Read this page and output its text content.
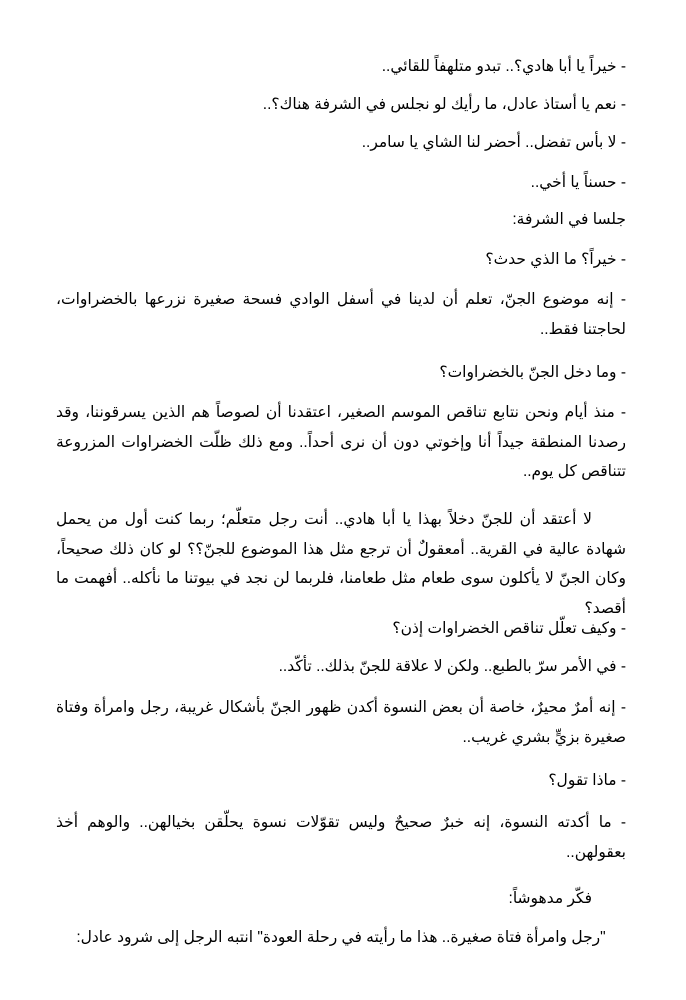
- خيراً يا أبا هادي؟.. تبدو متلهفاً للقائي..

- نعم يا أستاذ عادل، ما رأيك لو نجلس في الشرفة هناك؟..

- لا بأس تفضل.. أحضر لنا الشاي يا سامر..

- حسناً يا أخي..

جلسا في الشرفة:

- خيراً؟ ما الذي حدث؟

- إنه موضوع الجنّ، تعلم أن لدينا في أسفل الوادي فسحة صغيرة نزرعها بالخضراوات، لحاجتنا فقط..

- وما دخل الجنّ بالخضراوات؟

- منذ أيام ونحن نتابع تناقص الموسم الصغير، اعتقدنا أن لصوصاً هم الذين يسرقوننا، وقد رصدنا المنطقة جيداً أنا وإخوتي دون أن نرى أحداً.. ومع ذلك ظلّت الخضراوات المزروعة تتناقص كل يوم..

لا أعتقد أن للجنّ دخلاً بهذا يا أبا هادي.. أنت رجل متعلّم؛ ربما كنت أول من يحمل شهادة عالية في القرية.. أمعقولٌ أن ترجع مثل هذا الموضوع للجنّ؟؟ لو كان ذلك صحيحاً، وكان الجنّ لا يأكلون سوى طعام مثل طعامنا، فلربما لن نجد في بيوتنا ما نأكله.. أفهمت ما أقصد؟

- وكيف تعلّل تناقص الخضراوات إذن؟

- في الأمر سرّ بالطبع.. ولكن لا علاقة للجنّ بذلك.. تأكّد..

- إنه أمرٌ محيرٌ، خاصة أن بعض النسوة أكدن ظهور الجنّ بأشكال غريبة، رجل وامرأة وفتاة صغيرة بزيٍّ بشري غريب..

- ماذا تقول؟

- ما أكدته النسوة، إنه خبرٌ صحيحٌ وليس تقوّلات نسوة يحلّقن بخيالهن.. والوهم أخذ بعقولهن..

فكّر مدهوشاً:

"رجل وامرأة فتاة صغيرة.. هذا ما رأيته في رحلة العودة" انتبه الرجل إلى شرود عادل:
